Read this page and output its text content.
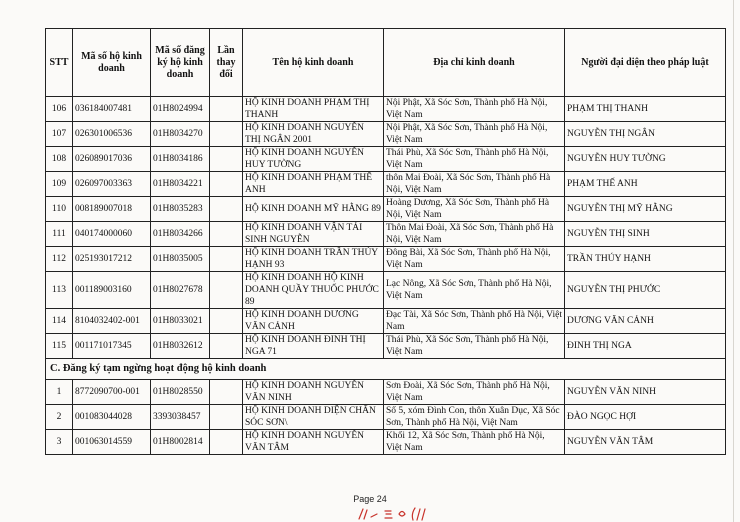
STT	Mã số hộ kinh doanh	Mã số đăng ký hộ kinh doanh	Lần thay đổi	Tên hộ kinh doanh	Địa chỉ kinh doanh	Người đại diện theo pháp luật
106	036184007481	01H8024994		HỘ KINH DOANH PHẠM THỊ THANH	Nội Phật, Xã Sóc Sơn, Thành phố Hà Nội, Việt Nam	PHẠM THỊ THANH
107	026301006536	01H8034270		HỘ KINH DOANH NGUYỄN THỊ NGÂN 2001	Nội Phật, Xã Sóc Sơn, Thành phố Hà Nội, Việt Nam	NGUYỄN THỊ NGÂN
108	026089017036	01H8034186		HỘ KINH DOANH NGUYỄN HUY TƯỜNG	Thái Phù, Xã Sóc Sơn, Thành phố Hà Nội, Việt Nam	NGUYỄN HUY TƯỜNG
109	026097003363	01H8034221		HỘ KINH DOANH PHẠM THẾ ANH	thôn Mai Đoài, Xã Sóc Sơn, Thành phố Hà Nội, Việt Nam	PHẠM THẾ ANH
110	008189007018	01H8035283		HỘ KINH DOANH MỸ HẰNG 89	Hoàng Dương, Xã Sóc Sơn, Thành phố Hà Nội, Việt Nam	NGUYỄN THỊ MỸ HẰNG
111	040174000060	01H8034266		HỘ KINH DOANH VẬN TẢI SINH NGUYỄN	Thôn Mai Đoài, Xã Sóc Sơn, Thành phố Hà Nội, Việt Nam	NGUYỄN THỊ SINH
112	025193017212	01H8035005		HỘ KINH DOANH TRẦN THÚY HẠNH 93	Đông Bài, Xã Sóc Sơn, Thành phố Hà Nội, Việt Nam	TRẦN THÚY HẠNH
113	001189003160	01H8027678		HỘ KINH DOANH HỘ KINH DOANH QUẦY THUỐC PHƯỚC 89	Lạc Nông, Xã Sóc Sơn, Thành phố Hà Nội, Việt Nam	NGUYỄN THỊ PHƯỚC
114	8104032402-001	01H8033021		HỘ KINH DOANH DƯƠNG VĂN CẢNH	Đạc Tài, Xã Sóc Sơn, Thành phố Hà Nội, Việt Nam	DƯƠNG VĂN CẢNH
115	001171017345	01H8032612		HỘ KINH DOANH ĐINH THỊ NGA 71	Thái Phù, Xã Sóc Sơn, Thành phố Hà Nội, Việt Nam	ĐINH THỊ NGA
C. Đăng ký tạm ngừng hoạt động hộ kinh doanh						
1	8772090700-001	01H8028550		HỘ KINH DOANH NGUYỄN VĂN NINH	Sơn Đoài, Xã Sóc Sơn, Thành phố Hà Nội, Việt Nam	NGUYỄN VĂN NINH
2	001083044028	3393038457		HỘ KINH DOANH DIỆN CHẨN SÓC SƠN\	Số 5, xóm Đình Con, thôn Xuân Dục, Xã Sóc Sơn, Thành phố Hà Nội, Việt Nam	ĐÀO NGỌC HỢI
3	001063014559	01H8002814		HỘ KINH DOANH NGUYỄN VĂN TÂM	Khối 12, Xã Sóc Sơn, Thành phố Hà Nội, Việt Nam	NGUYỄN VĂN TÂM
Page 24
